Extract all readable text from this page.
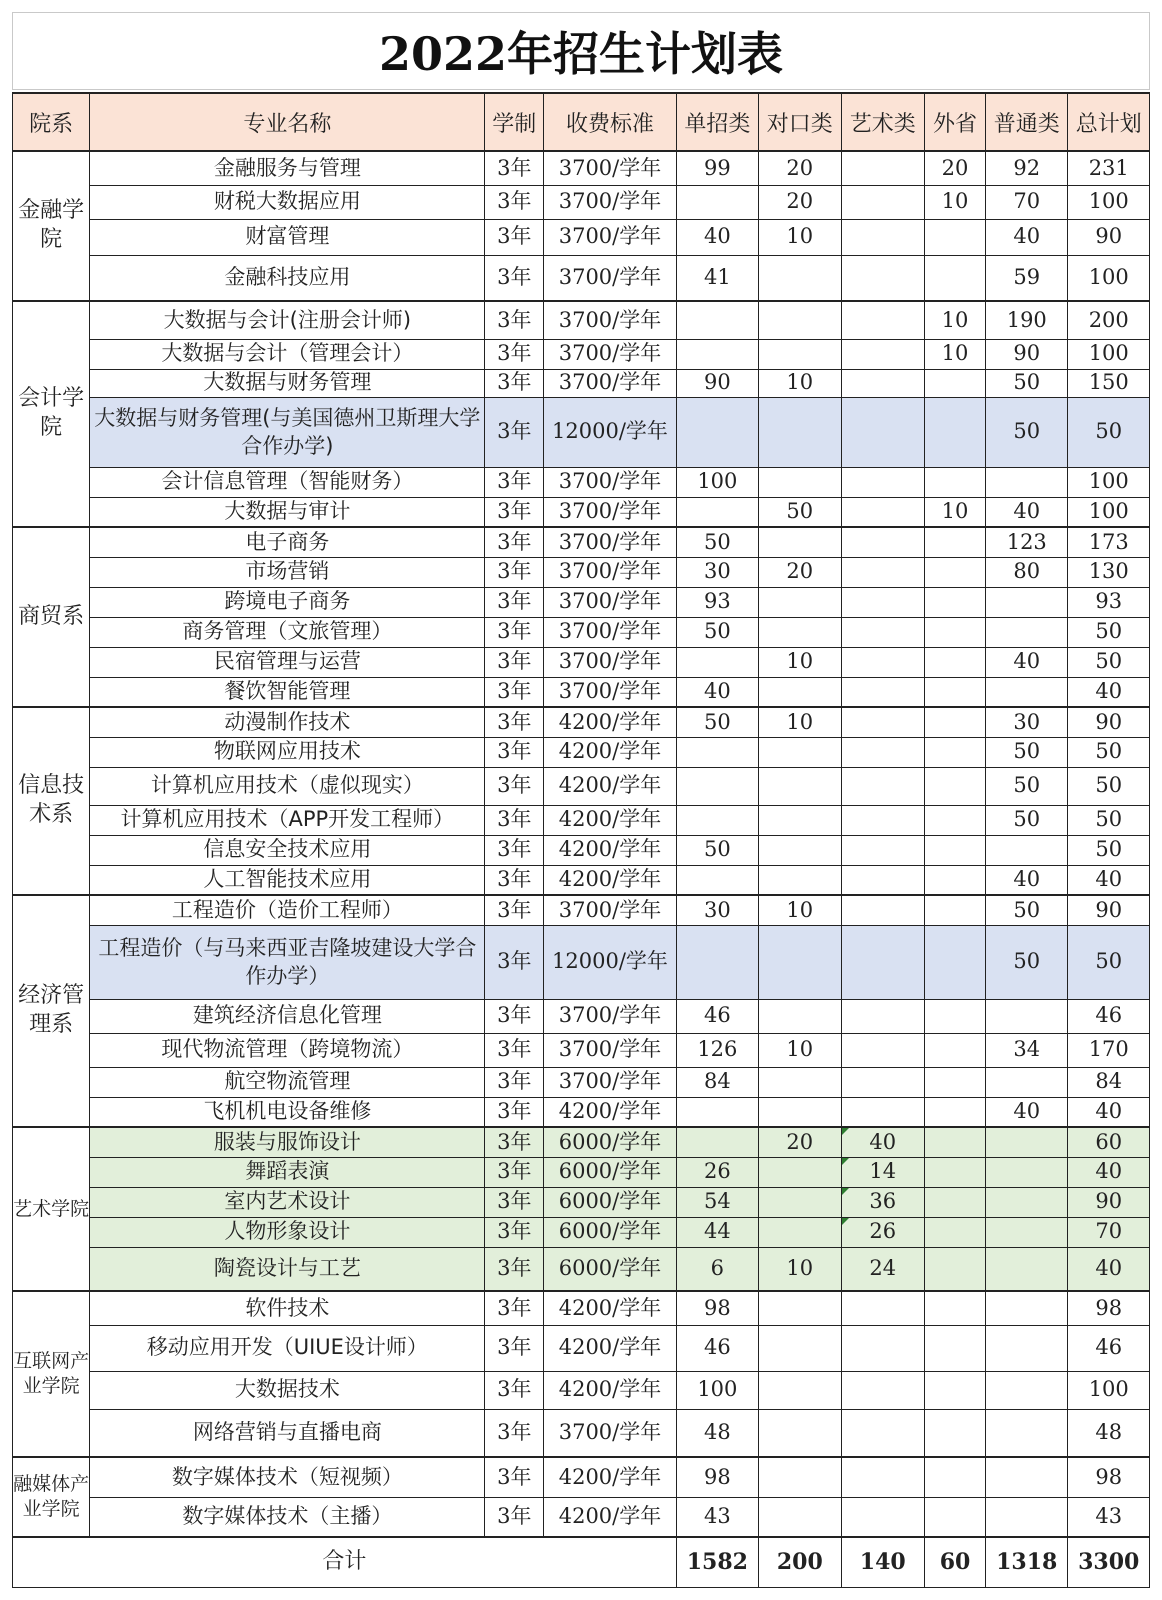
2022年招生计划表
院系	专业名称	学制	收费标准	单招类	对口类	艺术类	外省	普通类	总计划
金融学院	金融服务与管理	3年	3700/学年	99	20		20	92	231
	财税大数据应用	3年	3700/学年		20		10	70	100
	财富管理	3年	3700/学年	40	10			40	90
	金融科技应用	3年	3700/学年	41				59	100
会计学院	大数据与会计(注册会计师)	3年	3700/学年				10	190	200
	大数据与会计（管理会计）	3年	3700/学年				10	90	100
	大数据与财务管理	3年	3700/学年	90	10			50	150
	大数据与财务管理(与美国德州卫斯理大学合作办学)	3年	12000/学年					50	50
	会计信息管理（智能财务）	3年	3700/学年	100					100
	大数据与审计	3年	3700/学年		50		10	40	100
商贸系	电子商务	3年	3700/学年	50				123	173
	市场营销	3年	3700/学年	30	20			80	130
	跨境电子商务	3年	3700/学年	93					93
	商务管理（文旅管理）	3年	3700/学年	50					50
	民宿管理与运营	3年	3700/学年		10			40	50
	餐饮智能管理	3年	3700/学年	40					40
信息技术系	动漫制作技术	3年	4200/学年	50	10			30	90
	物联网应用技术	3年	4200/学年					50	50
	计算机应用技术（虚似现实）	3年	4200/学年					50	50
	计算机应用技术（APP开发工程师）	3年	4200/学年					50	50
	信息安全技术应用	3年	4200/学年	50					50
	人工智能技术应用	3年	4200/学年					40	40
经济管理系	工程造价（造价工程师）	3年	3700/学年	30	10			50	90
	工程造价（与马来西亚吉隆坡建设大学合作办学）	3年	12000/学年					50	50
	建筑经济信息化管理	3年	3700/学年	46					46
	现代物流管理（跨境物流）	3年	3700/学年	126	10			34	170
	航空物流管理	3年	3700/学年	84					84
	飞机机电设备维修	3年	4200/学年					40	40
艺术学院	服装与服饰设计	3年	6000/学年		20	40			60
	舞蹈表演	3年	6000/学年	26		14			40
	室内艺术设计	3年	6000/学年	54		36			90
	人物形象设计	3年	6000/学年	44		26			70
	陶瓷设计与工艺	3年	6000/学年	6	10	24			40
互联网产业学院	软件技术	3年	4200/学年	98					98
	移动应用开发（UIUE设计师）	3年	4200/学年	46					46
	大数据技术	3年	4200/学年	100					100
	网络营销与直播电商	3年	3700/学年	48					48
融媒体产业学院	数字媒体技术（短视频）	3年	4200/学年	98					98
	数字媒体技术（主播）	3年	4200/学年	43					43
合计				1582	200	140	60	1318	3300
